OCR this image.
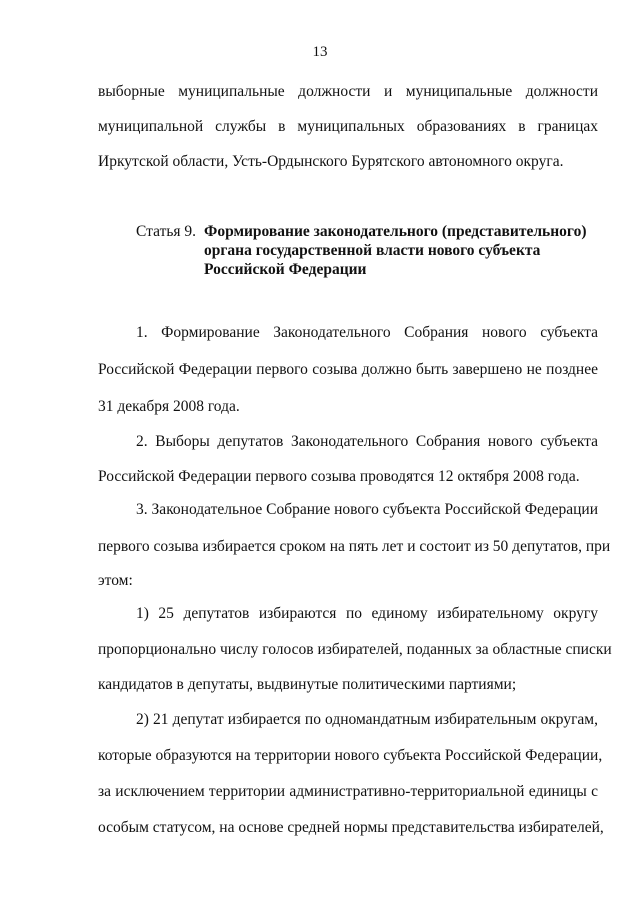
13
выборные муниципальные должности и муниципальные должности
муниципальной службы в муниципальных образованиях в границах
Иркутской области, Усть-Ордынского Бурятского автономного округа.
Статья 9. Формирование законодательного (представительного)
органа государственной власти нового субъекта
Российской Федерации
1. Формирование Законодательного Собрания нового субъекта
Российской Федерации первого созыва должно быть завершено не позднее
31 декабря 2008 года.
2. Выборы депутатов Законодательного Собрания нового субъекта
Российской Федерации первого созыва проводятся 12 октября 2008 года.
3. Законодательное Собрание нового субъекта Российской Федерации
первого созыва избирается сроком на пять лет и состоит из 50 депутатов, при
этом:
1) 25 депутатов избираются по единому избирательному округу
пропорционально числу голосов избирателей, поданных за областные списки
кандидатов в депутаты, выдвинутые политическими партиями;
2) 21 депутат избирается по одномандатным избирательным округам,
которые образуются на территории нового субъекта Российской Федерации,
за исключением территории административно-территориальной единицы с
особым статусом, на основе средней нормы представительства избирателей,
